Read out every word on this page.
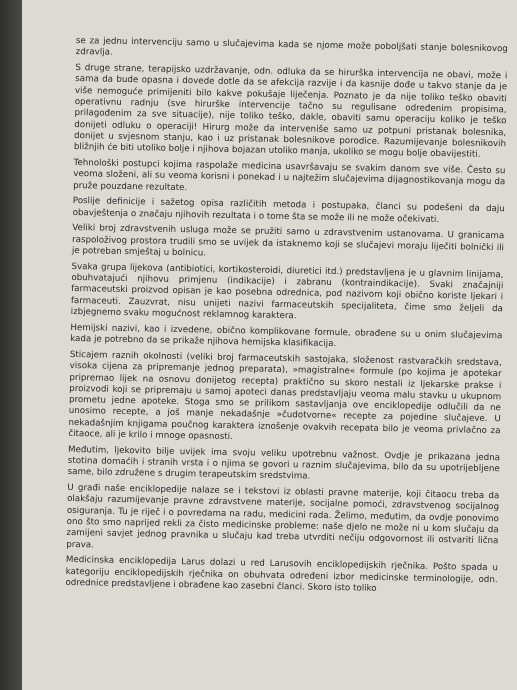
se za jednu intervenciju samo u slučajevima kada se njome može poboljšati stanje bolesnikovog zdravlja.

S druge strane, terapijsko uzdržavanje, odn. odluka da se hirurška intervencija ne obavi, može i sama da bude opasna i dovede dotle da se afekcija razvije i da kasnije dođe u takvo stanje da je više nemoguće primijeniti bilo kakve pokušaje liječenja. Poznato je da nije toliko teško obaviti operativnu radnju (sve hirurške intervencije tačno su regulisane određenim propisima, prilagođenim za sve situacije), nije toliko teško, dakle, obaviti samu operaciju koliko je teško donijeti odluku o operaciji! Hirurg može da interveniše samo uz potpuni pristanak bolesnika, donijet u svjesnom stanju, kao i uz pristanak bolesnikove porodice. Razumijevanje bolesnikovih bližnjih će biti utoliko bolje i njihova bojazan utoliko manja, ukoliko se mogu bolje obavijestiti.

Tehnološki postupci kojima raspolaže medicina usavršavaju se svakim danom sve više. Često su veoma složeni, ali su veoma korisni i ponekad i u najtežim slučajevima dijagnostikovanja mogu da pruže pouzdane rezultate.

Poslije definicije i sažetog opisa različitih metoda i postupaka, članci su podešeni da daju obavještenja o značaju njihovih rezultata i o tome šta se može ili ne može očekivati.

Veliki broj zdravstvenih usluga može se pružiti samo u zdravstvenim ustanovama. U granicama raspoloživog prostora trudili smo se uvijek da istaknemo koji se slučajevi moraju liječiti bolnički ili je potreban smještaj u bolnicu.

Svaka grupa lijekova (antibiotici, kortikosteroidi, diuretici itd.) predstavljena je u glavnim linijama, obuhvatajući njihovu primjenu (indikacije) i zabranu (kontraindikacije). Svaki značajniji farmaceutski proizvod opisan je kao posebna odrednica, pod nazivom koji obično koriste ljekari i farmaceuti. Zauzvrat, nisu unijeti nazivi farmaceutskih specijaliteta, čime smo željeli da izbjegnemo svaku mogućnost reklamnog karaktera.

Hemijski nazivi, kao i izvedene, obično komplikovane formule, obrađene su u onim slučajevima kada je potrebno da se prikaže njihova hemijska klasifikacija.

Sticajem raznih okolnosti (veliki broj farmaceutskih sastojaka, složenost rastvaračkih sredstava, visoka cijena za pripremanje jednog preparata), »magistralne« formule (po kojima je apotekar pripremao lijek na osnovu donijetog recepta) praktično su skoro nestali iz ljekarske prakse i proizvodi koji se pripremaju u samoj apoteci danas predstavljaju veoma malu stavku u ukupnom prometu jedne apoteke. Stoga smo se prilikom sastavljanja ove enciklopedije odlučili da ne unosimo recepte, a još manje nekadašnje »čudotvorne« recepte za pojedine slučajeve. U nekadašnjim knjigama poučnog karaktera iznošenje ovakvih recepata bilo je veoma privlačno za čitaoce, ali je krilo i mnoge opasnosti.

Međutim, ljekovito bilje uvijek ima svoju veliku upotrebnu važnost. Ovdje je prikazana jedna stotina domaćih i stranih vrsta i o njima se govori u raznim slučajevima, bilo da su upotrijebljene same, bilo združene s drugim terapeutskim sredstvima.

U građi naše enciklopedije nalaze se i tekstovi iz oblasti pravne materije, koji čitaocu treba da olakšaju razumijevanje pravne zdravstvene materije, socijalne pomoći, zdravstvenog socijalnog osiguranja. Tu je riječ i o povredama na radu, medicini rada. Želimo, međutim, da ovdje ponovimo ono što smo naprijed rekli za čisto medicinske probleme: naše djelo ne može ni u kom slučaju da zamijeni savjet jednog pravnika u slučaju kad treba utvrditi nečiju odgovornost ili ostvariti lična prava.

Medicinska enciklopedija Larus dolazi u red Larusovih enciklopedijskih rječnika. Pošto spada u kategoriju enciklopedijskih rječnika on obuhvata određeni izbor medicinske terminologije, odn. odrednice predstavljene i obrađene kao zasebni članci. Skoro isto toliko
